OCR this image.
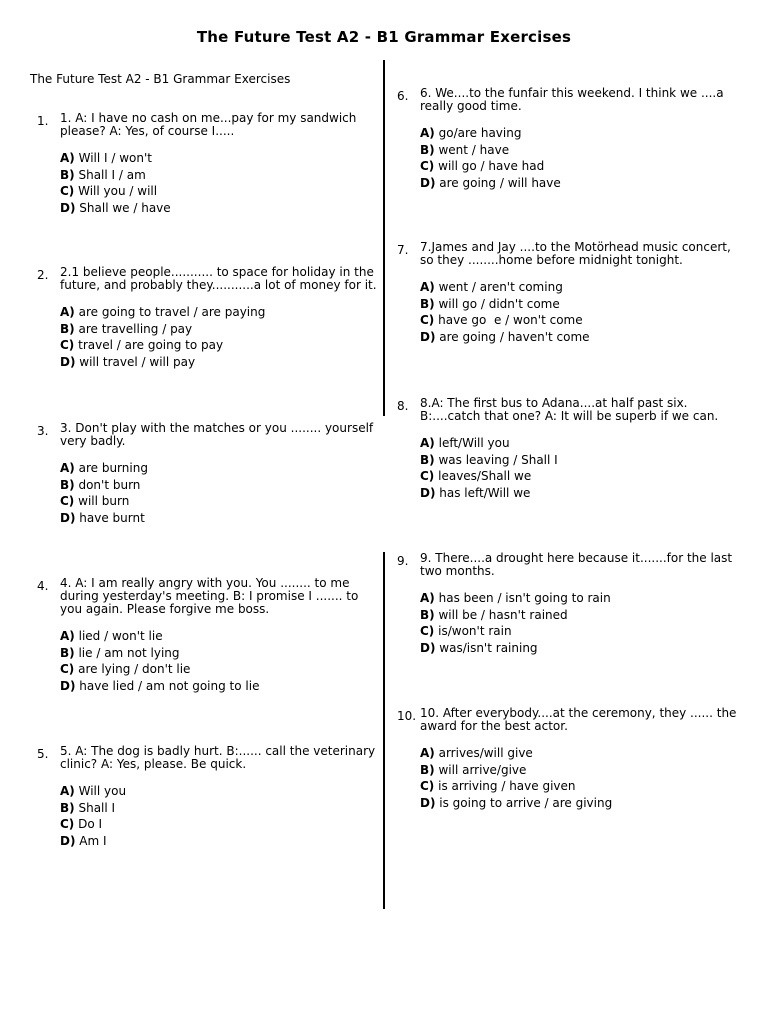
The Future Test A2 - B1 Grammar Exercises
The Future Test A2 - B1 Grammar Exercises
1. 1. A: I have no cash on me...pay for my sandwich please? A: Yes, of course I.....
A) Will I / won't
B) Shall I / am
C) Will you / will
D) Shall we / have
2. 2.1 believe people........... to space for holiday in the future, and probably they...........a lot of money for it.
A) are going to travel / are paying
B) are travelling / pay
C) travel / are going to pay
D) will travel / will pay
3. 3. Don't play with the matches or you ........ yourself very badly.
A) are burning
B) don't burn
C) will burn
D) have burnt
4. 4. A: I am really angry with you. You ........ to me during yesterday's meeting. B: I promise I ....... to you again. Please forgive me boss.
A) lied / won't lie
B) lie / am not lying
C) are lying / don't lie
D) have lied / am not going to lie
5. 5. A: The dog is badly hurt. B:...... call the veterinary clinic? A: Yes, please. Be quick.
A) Will you
B) Shall I
C) Do I
D) Am I
6. 6. We....to the funfair this weekend. I think we ....a really good time.
A) go/are having
B) went / have
C) will go / have had
D) are going / will have
7. 7.James and Jay ....to the Motörhead music concert, so they ........home before midnight tonight.
A) went / aren't coming
B) will go / didn't come
C) have go  e / won't come
D) are going / haven't come
8. 8.A: The first bus to Adana....at half past six. B:....catch that one? A: It will be superb if we can.
A) left/Will you
B) was leaving / Shall I
C) leaves/Shall we
D) has left/Will we
9. 9. There....a drought here because it.......for the last two months.
A) has been / isn't going to rain
B) will be / hasn't rained
C) is/won't rain
D) was/isn't raining
10. 10. After everybody....at the ceremony, they ...... the award for the best actor.
A) arrives/will give
B) will arrive/give
C) is arriving / have given
D) is going to arrive / are giving
